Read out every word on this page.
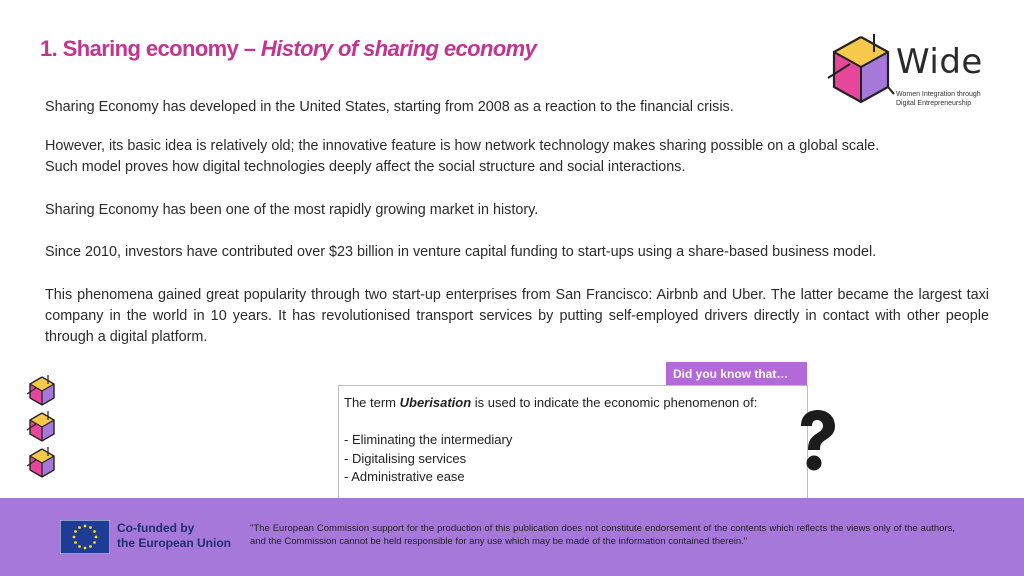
1. Sharing economy – History of sharing economy	Wide
Women Integration through
Digital Entrepreneurship

Sharing Economy has developed in the United States, starting from 2008 as a reaction to the financial crisis.

However, its basic idea is relatively old; the innovative feature is how network technology makes sharing possible on a global scale.
Such model proves how digital technologies deeply affect the social structure and social interactions.

Sharing Economy has been one of the most rapidly growing market in history.

Since 2010, investors have contributed over $23 billion in venture capital funding to start-ups using a share-based business model.

This phenomena gained great popularity through two start-up enterprises from San Francisco: Airbnb and Uber. The latter became the largest taxi company in the world in 10 years. It has revolutionised transport services by putting self-employed drivers directly in contact with other people through a digital platform.

Did you know that…
The term Uberisation is used to indicate the economic phenomenon of:
- Eliminating the intermediary
- Digitalising services
- Administrative ease
Co-funded by
the European Union
"The European Commission support for the production of this publication does not constitute endorsement of the contents which reflects the views only of the authors, and the Commission cannot be held responsible for any use which may be made of the information contained therein."
